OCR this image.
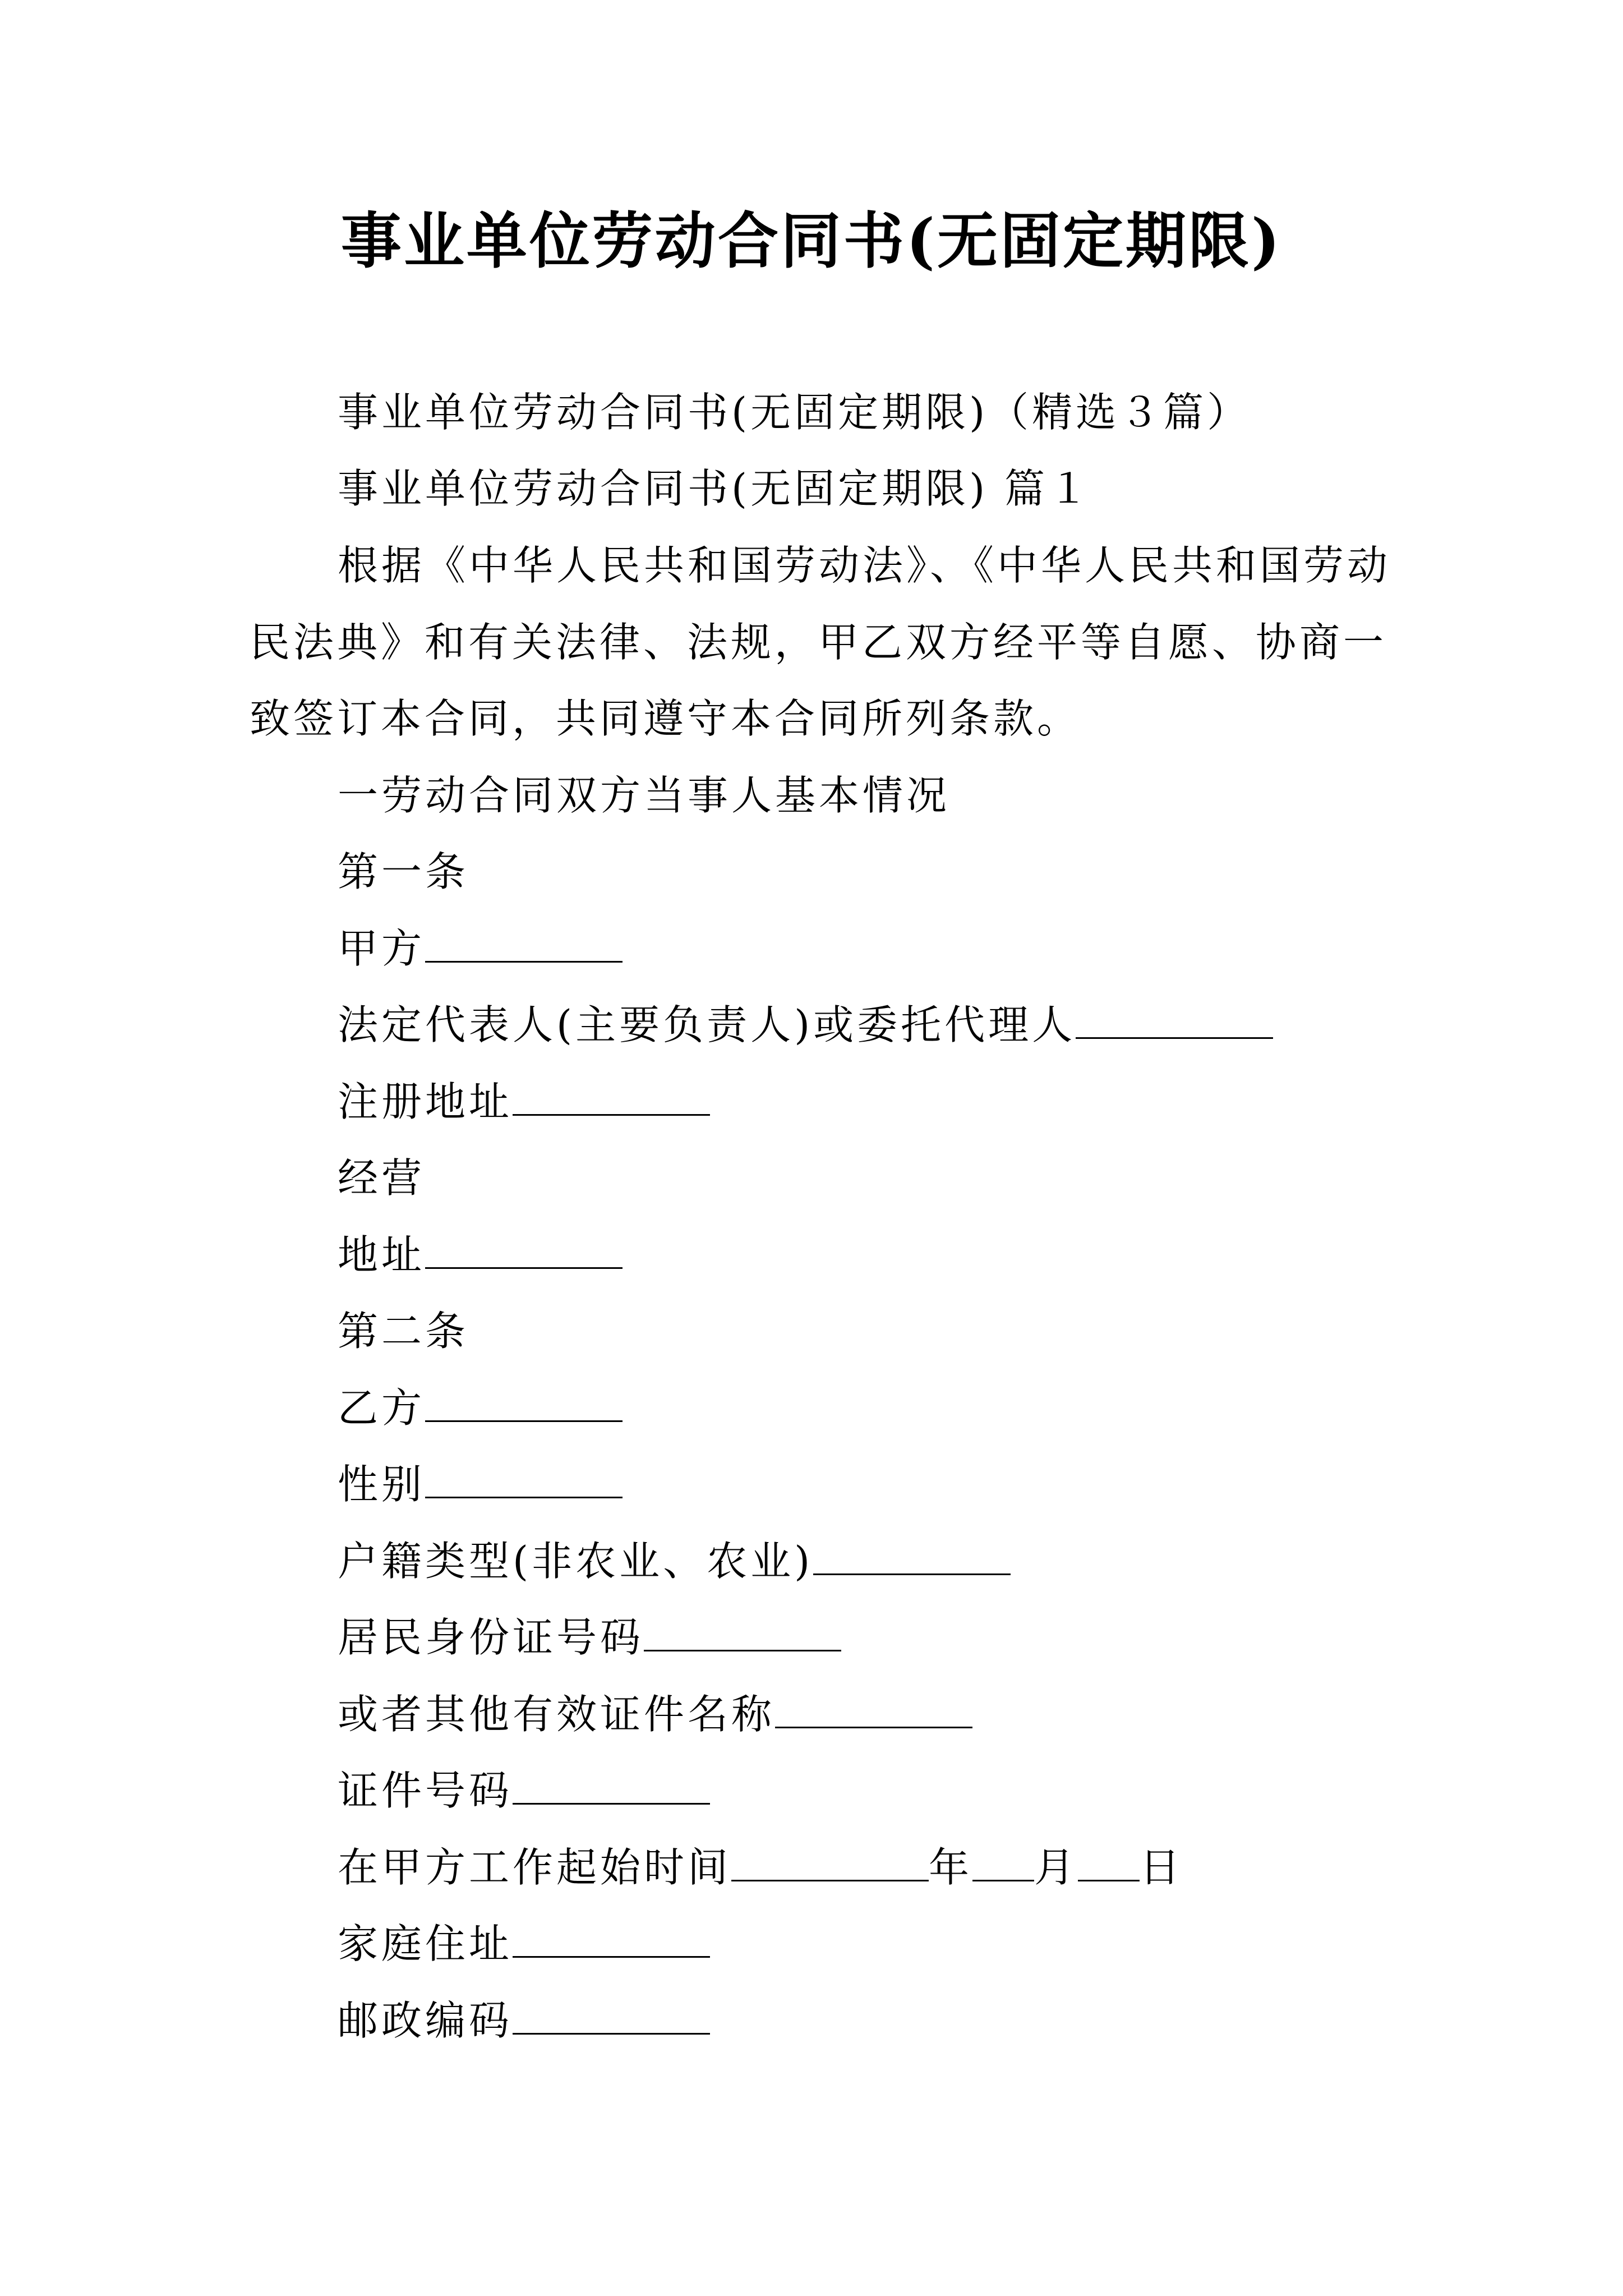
事业单位劳动合同书(无固定期限)
事业单位劳动合同书(无固定期限)（精选３篇）
事业单位劳动合同书(无固定期限) 篇１
根据《中华人民共和国劳动法》、《中华人民共和国劳动
民法典》和有关法律、法规，甲乙双方经平等自愿、协商一
致签订本合同，共同遵守本合同所列条款。
一劳动合同双方当事人基本情况
第一条
甲方
法定代表人(主要负责人)或委托代理人
注册地址
经营
地址
第二条
乙方
性别
户籍类型(非农业、农业)
居民身份证号码
或者其他有效证件名称
证件号码
在甲方工作起始时间	年 月 日
家庭住址
邮政编码
